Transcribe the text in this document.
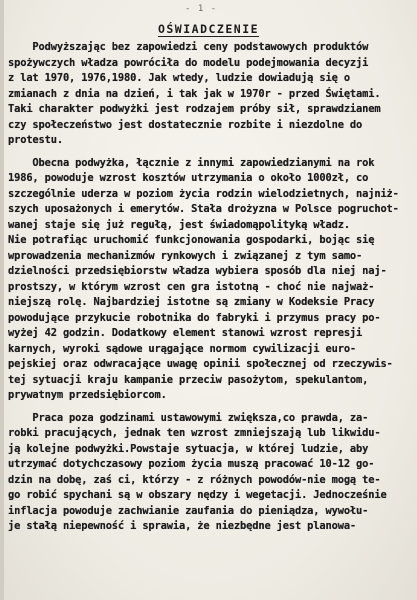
- 1 -
OŚWIADCZENIE
Podwyższając bez zapowiedzi ceny podstawowych produktów
spożywczych władza powróciła do modelu podejmowania decyzji
z lat 1970, 1976,1980. Jak wtedy, ludzie dowiadują się o
zmianach z dnia na dzień, i tak jak w 1970r - przed Świętami.
Taki charakter podwyżki jest rodzajem próby sił, sprawdzianem
czy społeczeństwo jest dostatecznie rozbite i niezdolne do
protestu.
Obecna podwyżka, łącznie z innymi zapowiedzianymi na rok
1986, powoduje wzrost kosztów utrzymania o około 1000zł, co
szczególnie uderza w poziom życia rodzin wielodzietnych, najniż-
szych uposażonych i emerytów. Stała drożyzna w Polsce pogruchot-
wanej staje się już regułą, jest świadomąpolityką władz.
Nie potrafiąc uruchomić funkcjonowania gospodarki, bojąc się
wprowadzenia mechanizmów rynkowych i związanej z tym samo-
dzielności przedsiębiorstw władza wybiera sposób dla niej naj-
prostszy, w którym wzrost cen gra istotną - choć nie najważ-
niejszą rolę. Najbardziej istotne są zmiany w Kodeksie Pracy
powodujące przykucie robotnika do fabryki i przymus pracy po-
wyżej 42 godzin. Dodatkowy element stanowi wzrost represji
karnych, wyroki sądowe urągające normom cywilizacji euro-
pejskiej oraz odwracające uwagę opinii społecznej od rzeczywis-
tej sytuacji kraju kampanie przeciw pasożytom, spekulantom,
prywatnym przedsiębiorcom.
Praca poza godzinami ustawowymi zwiększa,co prawda, za-
robki pracujących, jednak ten wzrost zmniejszają lub likwidu-
ją kolejne podwyżki.Powstaje sytuacja, w której ludzie, aby
utrzymać dotychczasowy poziom życia muszą pracować 10-12 go-
dzin na dobę, zaś ci, którzy - z różnych powodów-nie mogą te-
go robić spychani są w obszary nędzy i wegetacji. Jednocześnie
inflacja powoduje zachwianie zaufania do pieniądza, wywołu-
je stałą niepewność i sprawia, że niezbędne jest planowa-
